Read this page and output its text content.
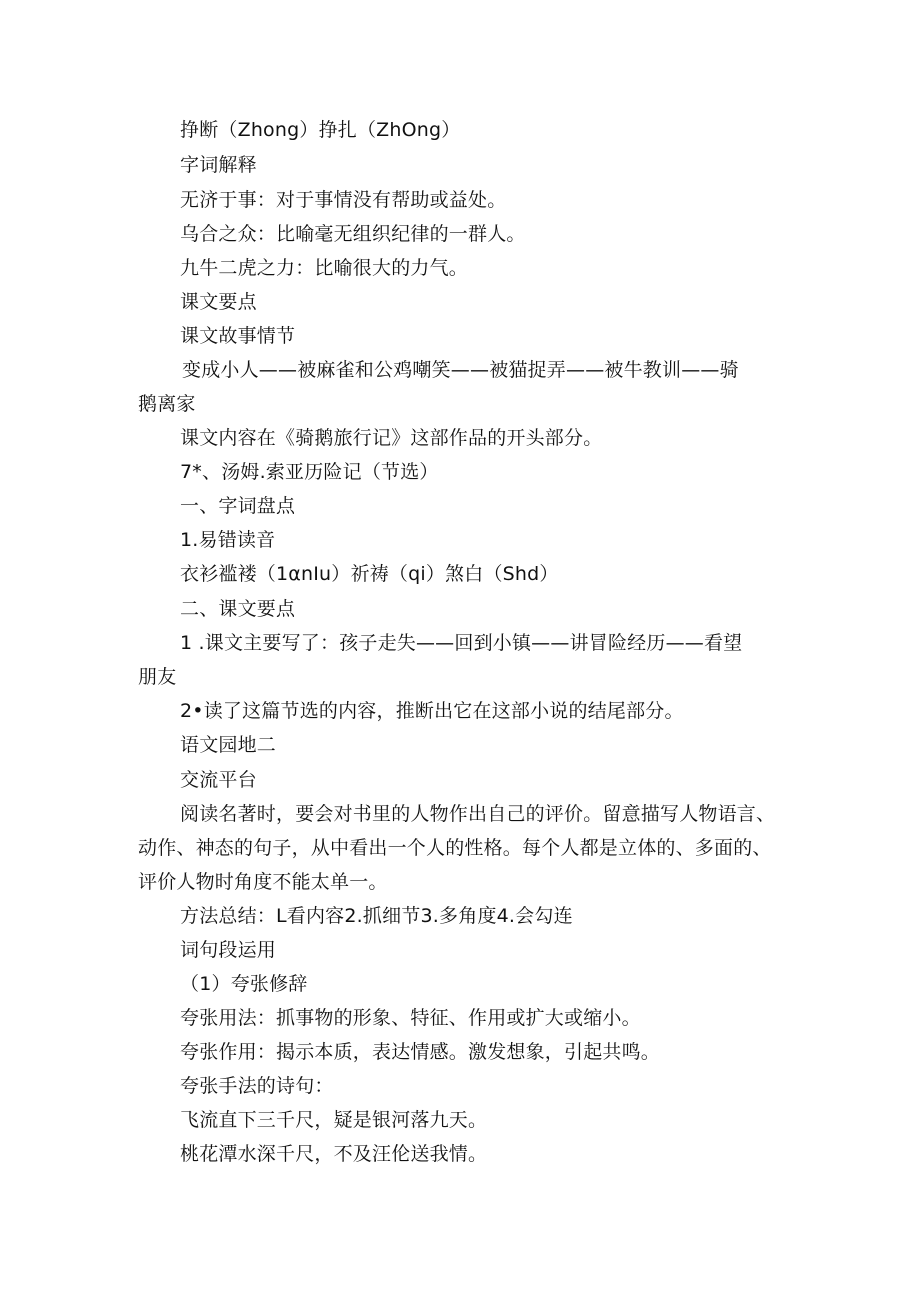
挣断（Zhong）挣扎（ZhOng）
字词解释
无济于事：对于事情没有帮助或益处。
乌合之众：比喻毫无组织纪律的一群人。
九牛二虎之力：比喻很大的力气。
课文要点
课文故事情节
变成小人——被麻雀和公鸡嘲笑——被猫捉弄——被牛教训——骑
鹅离家
课文内容在《骑鹅旅行记》这部作品的开头部分。
7*、汤姆.索亚历险记（节选）
一、字词盘点
1.易错读音
衣衫褴褛（1αnIu）祈祷（qi）煞白（Shd）
二、课文要点
1 .课文主要写了：孩子走失——回到小镇——讲冒险经历——看望
朋友
2•读了这篇节选的内容，推断出它在这部小说的结尾部分。
语文园地二
交流平台
阅读名著时，要会对书里的人物作出自己的评价。留意描写人物语言、
动作、神态的句子，从中看出一个人的性格。每个人都是立体的、多面的、
评价人物时角度不能太单一。
方法总结：L看内容2.抓细节3.多角度4.会勾连
词句段运用
（1）夸张修辞
夸张用法：抓事物的形象、特征、作用或扩大或缩小。
夸张作用：揭示本质，表达情感。激发想象，引起共鸣。
夸张手法的诗句：
飞流直下三千尺，疑是银河落九天。
桃花潭水深千尺，不及汪伦送我情。
